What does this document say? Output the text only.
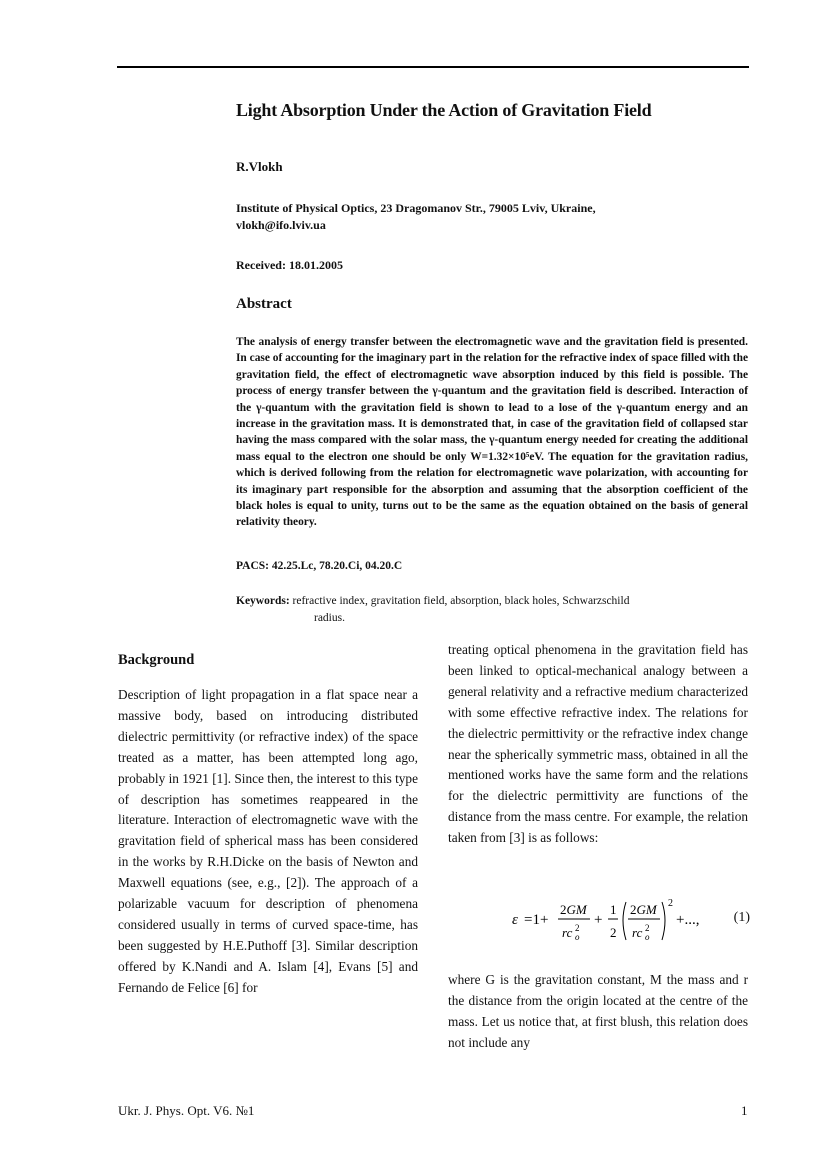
Light Absorption Under the Action of Gravitation Field
R.Vlokh
Institute of Physical Optics, 23 Dragomanov Str., 79005 Lviv, Ukraine,
vlokh@ifo.lviv.ua
Received: 18.01.2005
Abstract
The analysis of energy transfer between the electromagnetic wave and the gravitation field is presented. In case of accounting for the imaginary part in the relation for the refractive index of space filled with the gravitation field, the effect of electromagnetic wave absorption induced by this field is possible. The process of energy transfer between the γ-quantum and the gravitation field is described. Interaction of the γ-quantum with the gravitation field is shown to lead to a lose of the γ-quantum energy and an increase in the gravitation mass. It is demonstrated that, in case of the gravitation field of collapsed star having the mass compared with the solar mass, the γ-quantum energy needed for creating the additional mass equal to the electron one should be only W=1.32×10⁵eV. The equation for the gravitation radius, which is derived following from the relation for electromagnetic wave polarization, with accounting for its imaginary part responsible for the absorption and assuming that the absorption coefficient of the black holes is equal to unity, turns out to be the same as the equation obtained on the basis of general relativity theory.
PACS: 42.25.Lc, 78.20.Ci, 04.20.C
Keywords: refractive index, gravitation field, absorption, black holes, Schwarzschild
radius.
Background
Description of light propagation in a flat space near a massive body, based on introducing distributed dielectric permittivity (or refractive index) of the space treated as a matter, has been attempted long ago, probably in 1921 [1]. Since then, the interest to this type of description has sometimes reappeared in the literature. Interaction of electromagnetic wave with the gravitation field of spherical mass has been considered in the works by R.H.Dicke on the basis of Newton and Maxwell equations (see, e.g., [2]). The approach of a polarizable vacuum for description of phenomena considered usually in terms of curved space-time, has been suggested by H.E.Puthoff [3]. Similar description offered by K.Nandi and A. Islam [4], Evans [5] and Fernando de Felice [6] for
treating optical phenomena in the gravitation field has been linked to optical-mechanical analogy between a general relativity and a refractive medium characterized with some effective refractive index. The relations for the dielectric permittivity or the refractive index change near the spherically symmetric mass, obtained in all the mentioned works have the same form and the relations for the dielectric permittivity are functions of the distance from the mass centre. For example, the relation taken from [3] is as follows:
ε =1+
2GM
rc o
2 +
1
2
2GM
rc o
2
2
+..., (1)
where G is the gravitation constant, M the mass and r the distance from the origin located at the centre of the mass. Let us notice that, at first blush, this relation does not include any
Ukr. J. Phys. Opt. V6. №1	1
